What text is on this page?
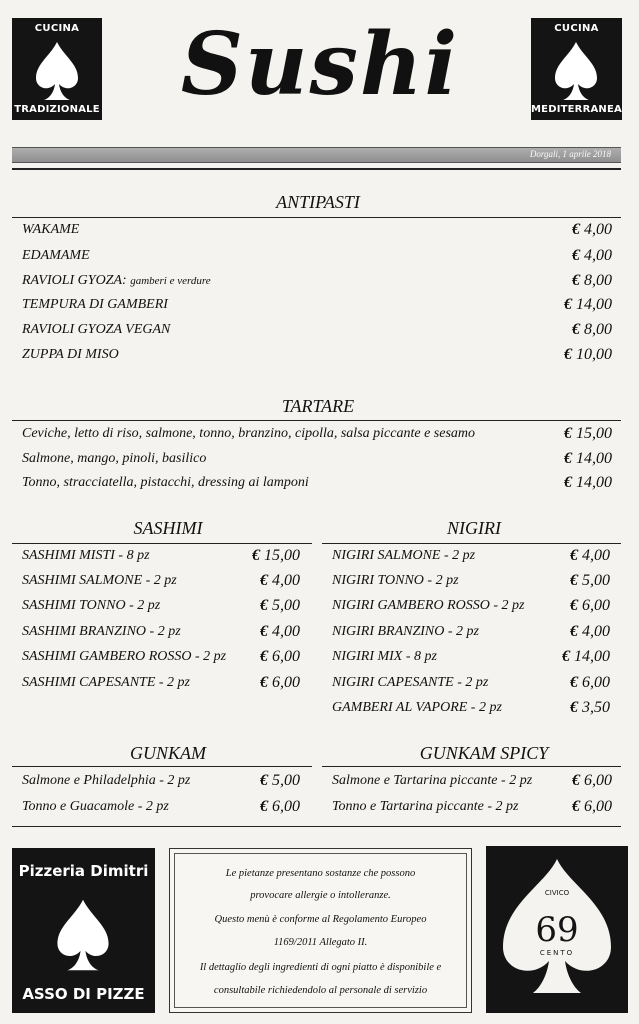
CUCINA
TRADIZIONALE Sushi	CUCINA
MEDITERRANEA
Dorgali, 1 aprile 2018
ANTIPASTI
WAKAME	€ 4,00
EDAMAME	€ 4,00
RAVIOLI GYOZA: gamberi e verdure	€ 8,00
TEMPURA DI GAMBERI	€ 14,00
RAVIOLI GYOZA VEGAN	€ 8,00
ZUPPA DI MISO	€ 10,00
TARTARE
Ceviche, letto di riso, salmone, tonno, branzino, cipolla, salsa piccante e sesamo	€ 15,00
Salmone, mango, pinoli, basilico	€ 14,00
Tonno, stracciatella, pistacchi, dressing ai lamponi	€ 14,00
SASHIMI
SASHIMI MISTI - 8 pz	€ 15,00
SASHIMI SALMONE - 2 pz	€ 4,00
SASHIMI TONNO - 2 pz	€ 5,00
SASHIMI BRANZINO - 2 pz	€ 4,00
SASHIMI GAMBERO ROSSO - 2 pz € 6,00
SASHIMI CAPESANTE - 2 pz	€ 6,00
NIGIRI
NIGIRI SALMONE - 2 pz	€ 4,00
NIGIRI TONNO - 2 pz	€ 5,00
NIGIRI GAMBERO ROSSO - 2 pz	€ 6,00
NIGIRI BRANZINO - 2 pz	€ 4,00
NIGIRI MIX - 8 pz	€ 14,00
NIGIRI CAPESANTE - 2 pz	€ 6,00
GAMBERI AL VAPORE - 2 pz	€ 3,50
GUNKAM
Salmone e Philadelphia - 2 pz	€ 5,00
Tonno e Guacamole - 2 pz	€ 6,00
GUNKAM SPICY
Salmone e Tartarina piccante - 2 pz € 6,00
Tonno e Tartarina piccante - 2 pz	€ 6,00
Pizzeria Dimitri
ASSO DI PIZZE
Le pietanze presentano sostanze che possono
provocare allergie o intolleranze.
Questo menù è conforme al Regolamento Europeo
1169/2011 Allegato II.
Il dettaglio degli ingredienti di ogni piatto è disponibile e
consultabile richiedendolo al personale di servizio
69
CIVICO
CENTO
